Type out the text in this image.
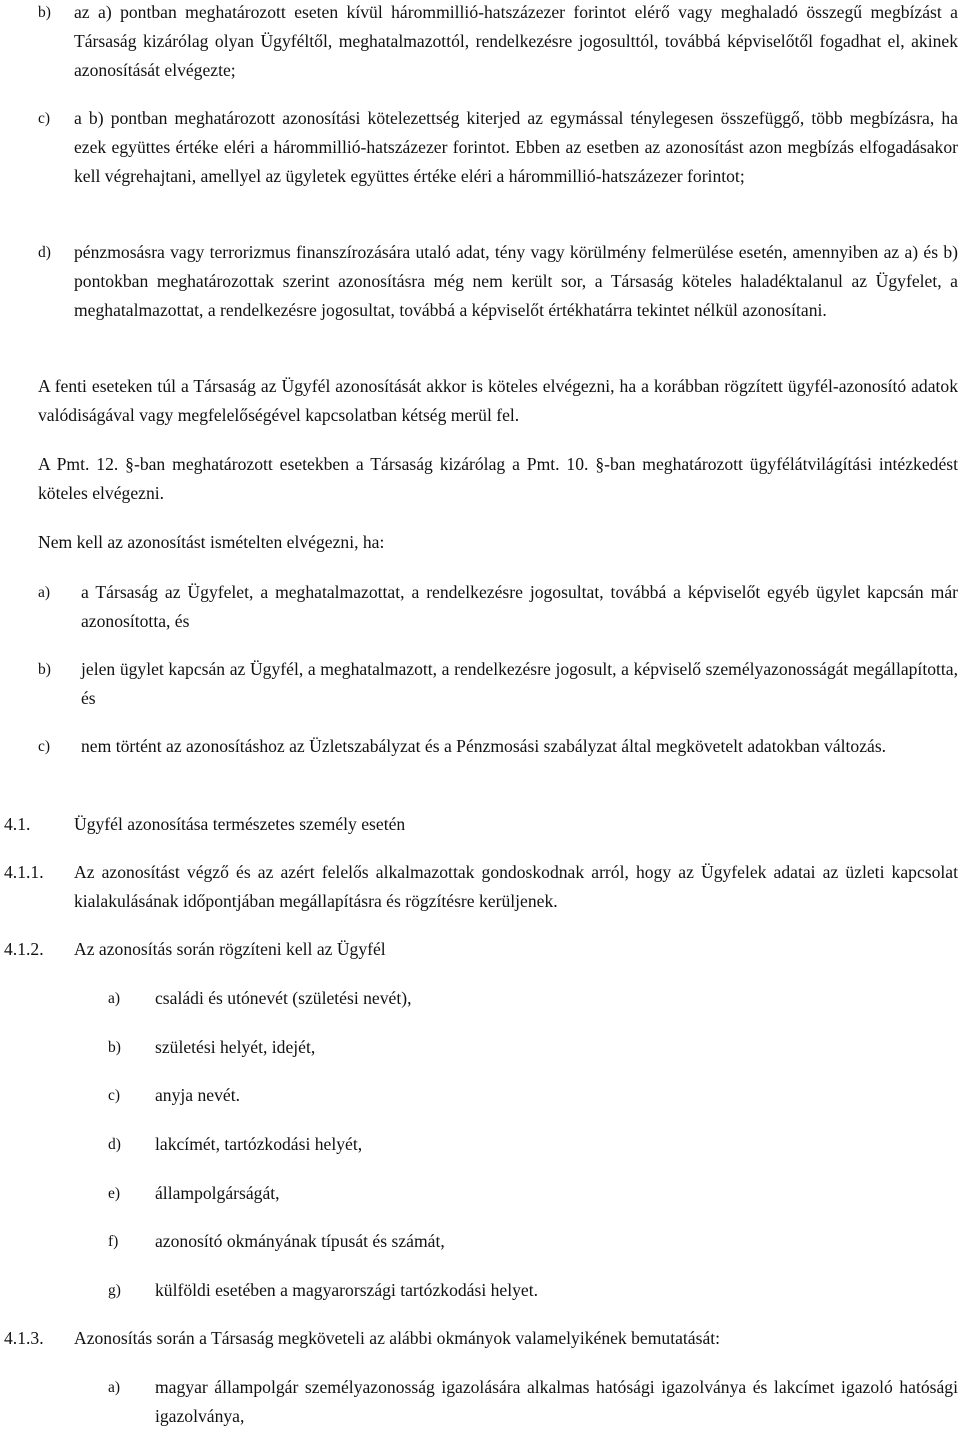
b) az a) pontban meghatározott eseten kívül hárommillió-hatszázezer forintot elérő vagy meghaladó összegű megbízást a Társaság kizárólag olyan Ügyféltől, meghatalmazottól, rendelkezésre jogosulttól, továbbá képviselőtől fogadhat el, akinek azonosítását elvégezte;

c) a b) pontban meghatározott azonosítási kötelezettség kiterjed az egymással ténylegesen összefüggő, több megbízásra, ha ezek együttes értéke eléri a hárommillió-hatszázezer forintot. Ebben az esetben az azonosítást azon megbízás elfogadásakor kell végrehajtani, amellyel az ügyletek együttes értéke eléri a hárommillió-hatszázezer forintot;

d) pénzmosásra vagy terrorizmus finanszírozására utaló adat, tény vagy körülmény felmerülése esetén, amennyiben az a) és b) pontokban meghatározottak szerint azonosításra még nem került sor, a Társaság köteles haladéktalanul az Ügyfelet, a meghatalmazottat, a rendelkezésre jogosultat, továbbá a képviselőt értékhatárra tekintet nélkül azonosítani.

A fenti eseteken túl a Társaság az Ügyfél azonosítását akkor is köteles elvégezni, ha a korábban rögzített ügyfél-azonosító adatok valódiságával vagy megfelelőségével kapcsolatban kétség merül fel.

A Pmt. 12. §-ban meghatározott esetekben a Társaság kizárólag a Pmt. 10. §-ban meghatározott ügyfélátvilágítási intézkedést köteles elvégezni.

Nem kell az azonosítást ismételten elvégezni, ha:

a) a Társaság az Ügyfelet, a meghatalmazottat, a rendelkezésre jogosultat, továbbá a képviselőt egyéb ügylet kapcsán már azonosította, és

b) jelen ügylet kapcsán az Ügyfél, a meghatalmazott, a rendelkezésre jogosult, a képviselő személyazonosságát megállapította, és

c) nem történt az azonosításhoz az Üzletszabályzat és a Pénzmosási szabályzat által megkövetelt adatokban változás.

4.1. Ügyfél azonosítása természetes személy esetén

4.1.1. Az azonosítást végző és az azért felelős alkalmazottak gondoskodnak arról, hogy az Ügyfelek adatai az üzleti kapcsolat kialakulásának időpontjában megállapításra és rögzítésre kerüljenek.

4.1.2. Az azonosítás során rögzíteni kell az Ügyfél

a) családi és utónevét (születési nevét),

b) születési helyét, idejét,

c) anyja nevét.

d) lakcímét, tartózkodási helyét,

e) állampolgárságát,

f) azonosító okmányának típusát és számát,

g) külföldi esetében a magyarországi tartózkodási helyet.

4.1.3. Azonosítás során a Társaság megköveteli az alábbi okmányok valamelyikének bemutatását:

a) magyar állampolgár személyazonosság igazolására alkalmas hatósági igazolványa és lakcímet igazoló hatósági igazolványa,
